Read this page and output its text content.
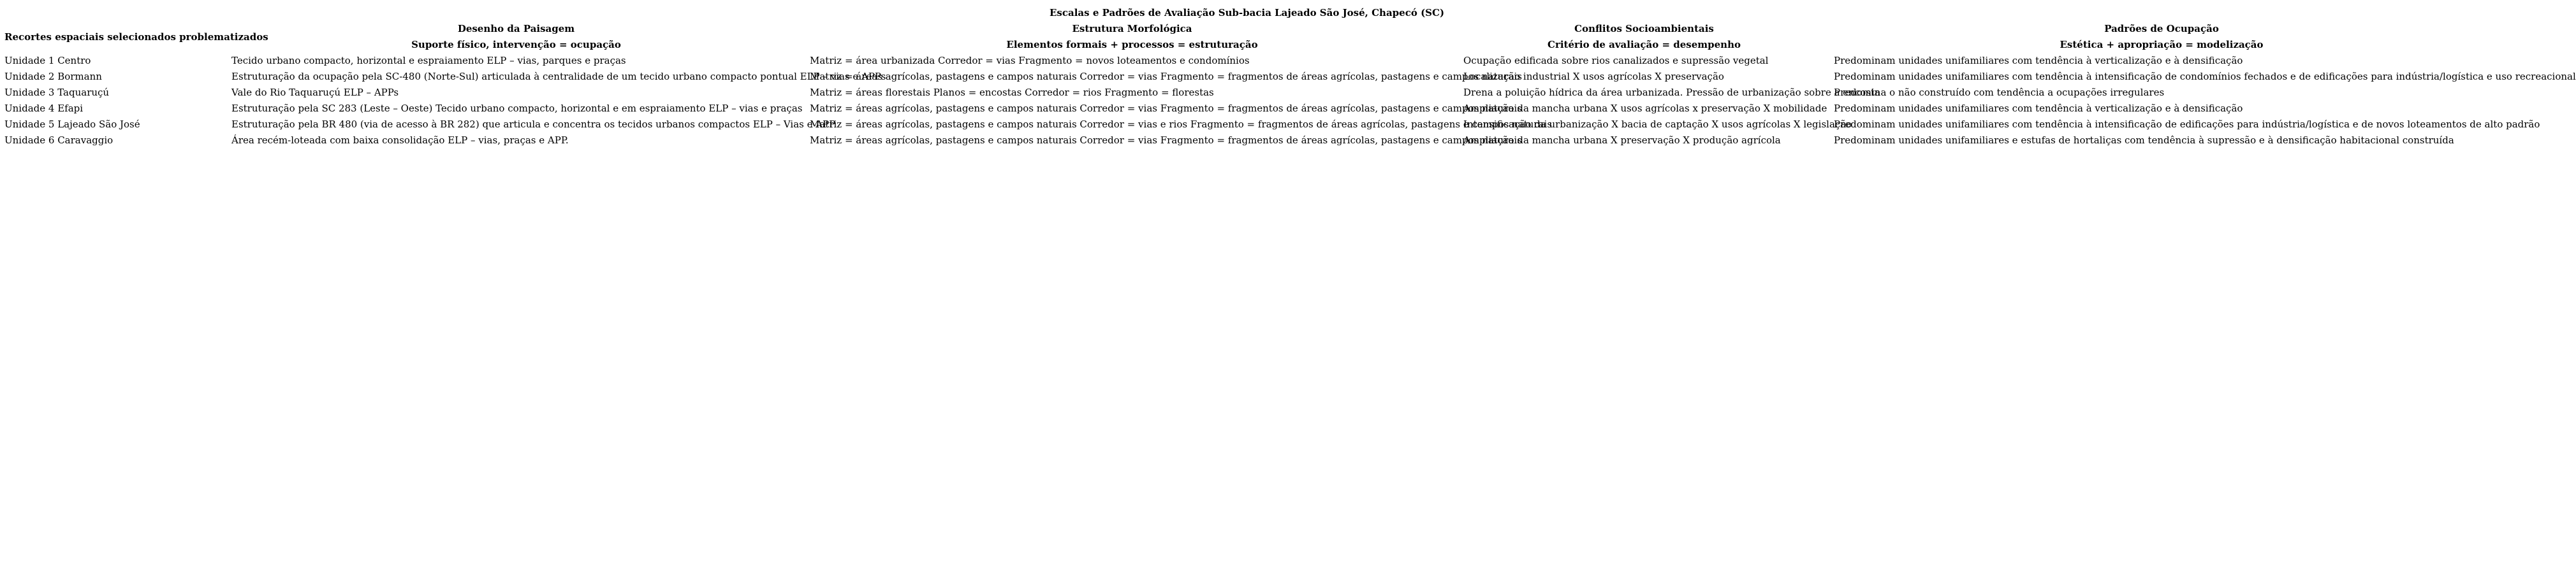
Escalas e Padrões de Avaliação Sub-bacia Lajeado São José, Chapecó (SC)				
Recortes espaciais selecionados problematizados	Desenho da Paisagem	Estrutura Morfológica	Conflitos Socioambientais	Padrões de Ocupação
	Suporte físico, intervenção = ocupação	Elementos formais + processos = estruturação	Critério de avaliação = desempenho	Estética + apropriação = modelização
Unidade 1 Centro	Tecido urbano compacto, horizontal e espraiamento ELP – vias, parques e praças	Matriz = área urbanizada Corredor = vias Fragmento = novos loteamentos e condomínios	Ocupação edificada sobre rios canalizados e supressão vegetal	Predominam unidades unifamiliares com tendência à verticalização e à densificação
Unidade 2 Bormann	Estruturação da ocupação pela SC-480 (Norte-Sul) articulada à centralidade de um tecido urbano compacto pontual ELP – vias e APPs	Matriz = áreas agrícolas, pastagens e campos naturais Corredor = vias Fragmento = fragmentos de áreas agrícolas, pastagens e campos naturais	Localização industrial X usos agrícolas X preservação	Predominam unidades unifamiliares com tendência à intensificação de condomínios fechados e de edificações para indústria/logística e uso recreacional
Unidade 3 Taquaruçú	Vale do Rio Taquaruçú ELP – APPs	Matriz = áreas florestais Planos = encostas Corredor = rios Fragmento = florestas	Drena a poluição hídrica da área urbanizada. Pressão de urbanização sobre a encosta	Predomina o não construído com tendência a ocupações irregulares
Unidade 4 Efapi	Estruturação pela SC 283 (Leste – Oeste) Tecido urbano compacto, horizontal e em espraiamento ELP – vias e praças	Matriz = áreas agrícolas, pastagens e campos naturais Corredor = vias Fragmento = fragmentos de áreas agrícolas, pastagens e campos naturais	Ampliação da mancha urbana X usos agrícolas x preservação X mobilidade	Predominam unidades unifamiliares com tendência à verticalização e à densificação
Unidade 5 Lajeado São José	Estruturação pela BR 480 (via de acesso à BR 282) que articula e concentra os tecidos urbanos compactos ELP – Vias e APP	Matriz = áreas agrícolas, pastagens e campos naturais Corredor = vias e rios Fragmento = fragmentos de áreas agrícolas, pastagens e campos naturais	Intensificação da urbanização X bacia de captação X usos agrícolas X legislação	Predominam unidades unifamiliares com tendência à intensificação de edificações para indústria/logística e de novos loteamentos de alto padrão
Unidade 6 Caravaggio	Área recém-loteada com baixa consolidação ELP – vias, praças e APP.	Matriz = áreas agrícolas, pastagens e campos naturais Corredor = vias Fragmento = fragmentos de áreas agrícolas, pastagens e campos naturais	Ampliação da mancha urbana X preservação X produção agrícola	Predominam unidades unifamiliares e estufas de hortaliças com tendência à supressão e à densificação habitacional construída
